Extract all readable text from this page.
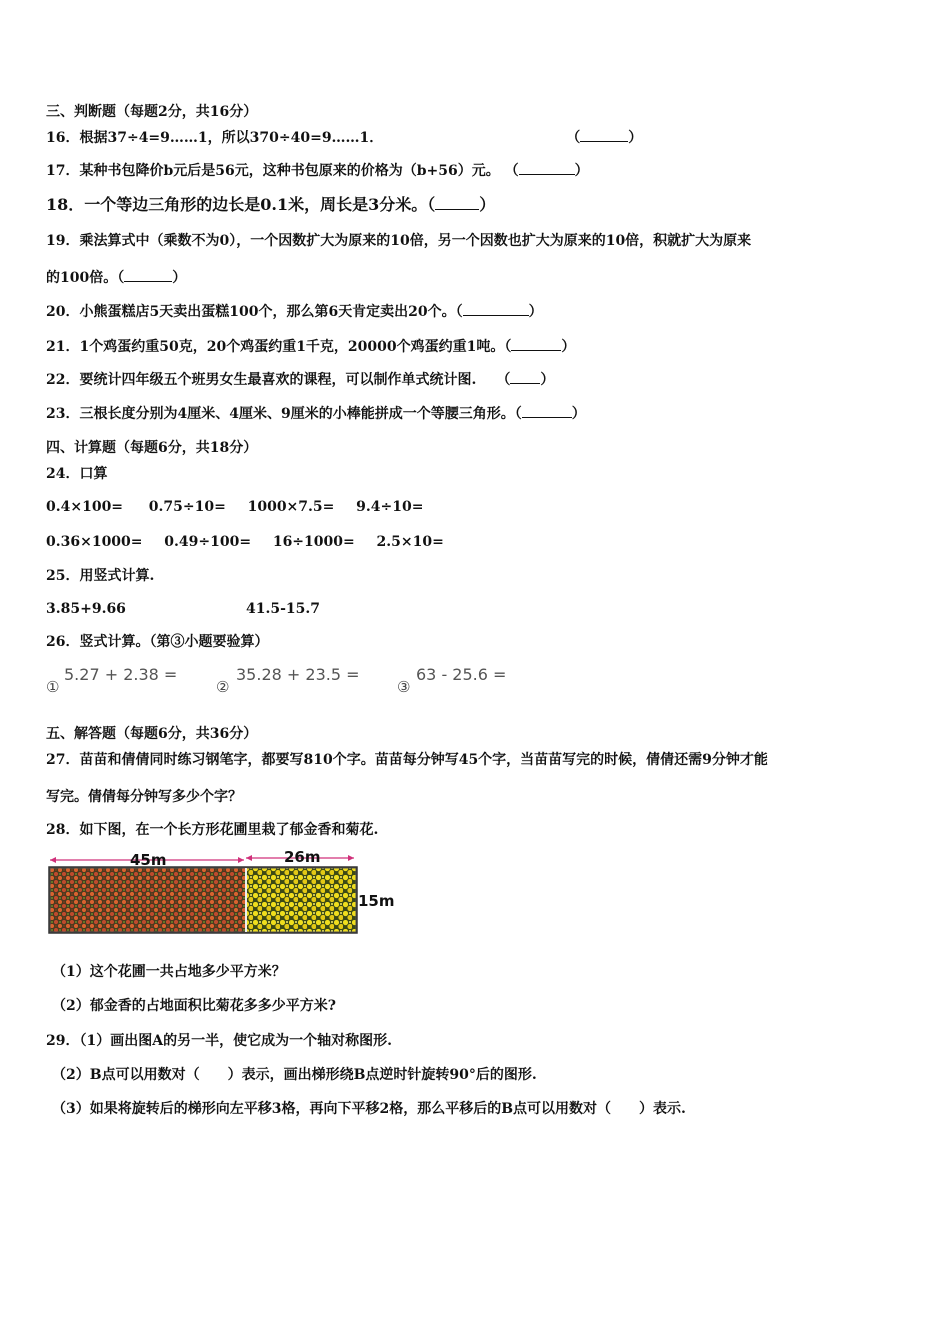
三、判断题（每题2分，共16分）
16．根据37÷4=9……1，所以370÷40=9……1．	（	）
17．某种书包降价b元后是56元，这种书包原来的价格为（b+56）元。 （	）
18．一个等边三角形的边长是0.1米，周长是3分米。（	）
19．乘法算式中（乘数不为0），一个因数扩大为原来的10倍，另一个因数也扩大为原来的10倍，积就扩大为原来
的100倍。（	）
20．小熊蛋糕店5天卖出蛋糕100个，那么第6天肯定卖出20个。（	）
21．1个鸡蛋约重50克，20个鸡蛋约重1千克，20000个鸡蛋约重1吨。（	）
22．要统计四年级五个班男女生最喜欢的课程，可以制作单式统计图. （ ）
23．三根长度分别为4厘米、4厘米、9厘米的小棒能拼成一个等腰三角形。（	）
四、计算题（每题6分，共18分）
24．口算
0.4×100= 0.75÷10= 1000×7.5= 9.4÷10=
0.36×1000= 0.49÷100= 16÷1000= 2.5×10=
25．用竖式计算.
3.85+9.66	41.5-15.7
26．竖式计算。（第③小题要验算）
①
5.27 + 2.38 =
②
35.28 + 23.5 =
③
63 - 25.6 =
五、解答题（每题6分，共36分）
27．苗苗和倩倩同时练习钢笔字，都要写810个字。苗苗每分钟写45个字，当苗苗写完的时候，倩倩还需9分钟才能
写完。倩倩每分钟写多少个字？
28．如下图，在一个长方形花圃里栽了郁金香和菊花.
45m	26m
15m
（1）这个花圃一共占地多少平方米？
（2）郁金香的占地面积比菊花多多少平方米?
29．（1）画出图A的另一半，使它成为一个轴对称图形.
（2）B点可以用数对（　　）表示，画出梯形绕B点逆时针旋转90°后的图形.
（3）如果将旋转后的梯形向左平移3格，再向下平移2格，那么平移后的B点可以用数对（　　）表示.
